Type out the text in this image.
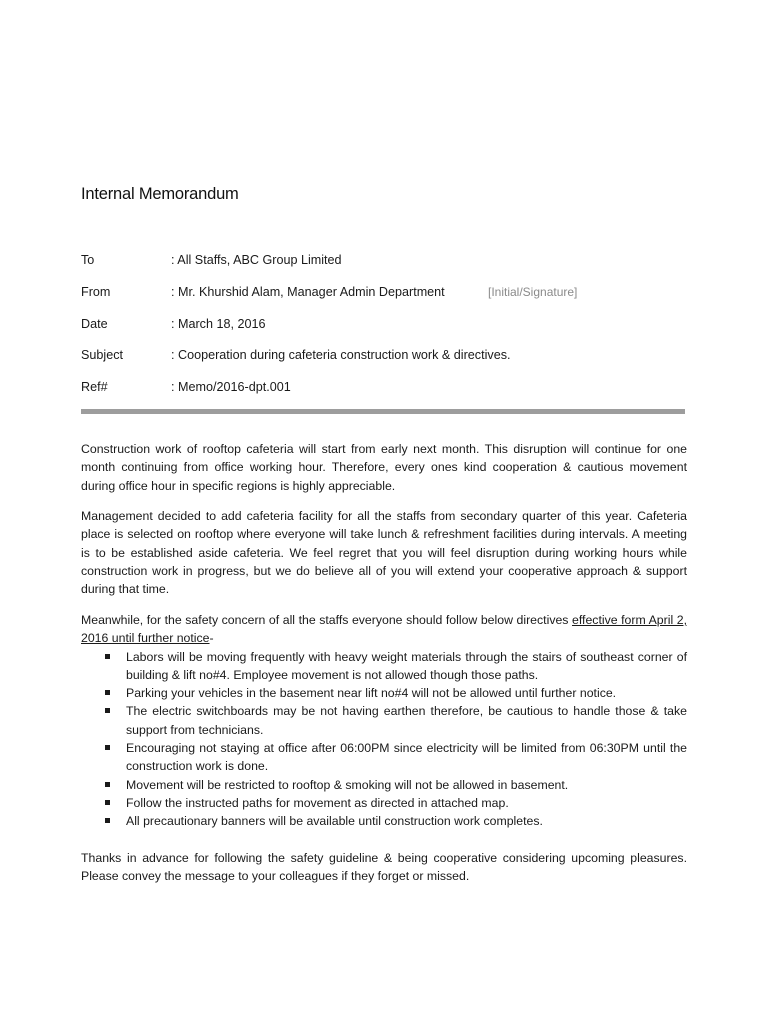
Internal Memorandum
To	: All Staffs, ABC Group Limited
From	: Mr. Khurshid Alam, Manager Admin Department	[Initial/Signature]
Date	: March 18, 2016
Subject	: Cooperation during cafeteria construction work & directives.
Ref#	: Memo/2016-dpt.001

Construction work of rooftop cafeteria will start from early next month. This disruption will continue for one month continuing from office working hour. Therefore, every ones kind cooperation & cautious movement during office hour in specific regions is highly appreciable.

Management decided to add cafeteria facility for all the staffs from secondary quarter of this year. Cafeteria place is selected on rooftop where everyone will take lunch & refreshment facilities during intervals. A meeting is to be established aside cafeteria. We feel regret that you will feel disruption during working hours while construction work in progress, but we do believe all of you will extend your cooperative approach & support during that time.

Meanwhile, for the safety concern of all the staffs everyone should follow below directives effective form April 2, 2016 until further notice-

Labors will be moving frequently with heavy weight materials through the stairs of southeast corner of building & lift no#4. Employee movement is not allowed though those paths.
Parking your vehicles in the basement near lift no#4 will not be allowed until further notice.
The electric switchboards may be not having earthen therefore, be cautious to handle those & take support from technicians.
Encouraging not staying at office after 06:00PM since electricity will be limited from 06:30PM until the construction work is done.
Movement will be restricted to rooftop & smoking will not be allowed in basement.
Follow the instructed paths for movement as directed in attached map.
All precautionary banners will be available until construction work completes.

Thanks in advance for following the safety guideline & being cooperative considering upcoming pleasures. Please convey the message to your colleagues if they forget or missed.
